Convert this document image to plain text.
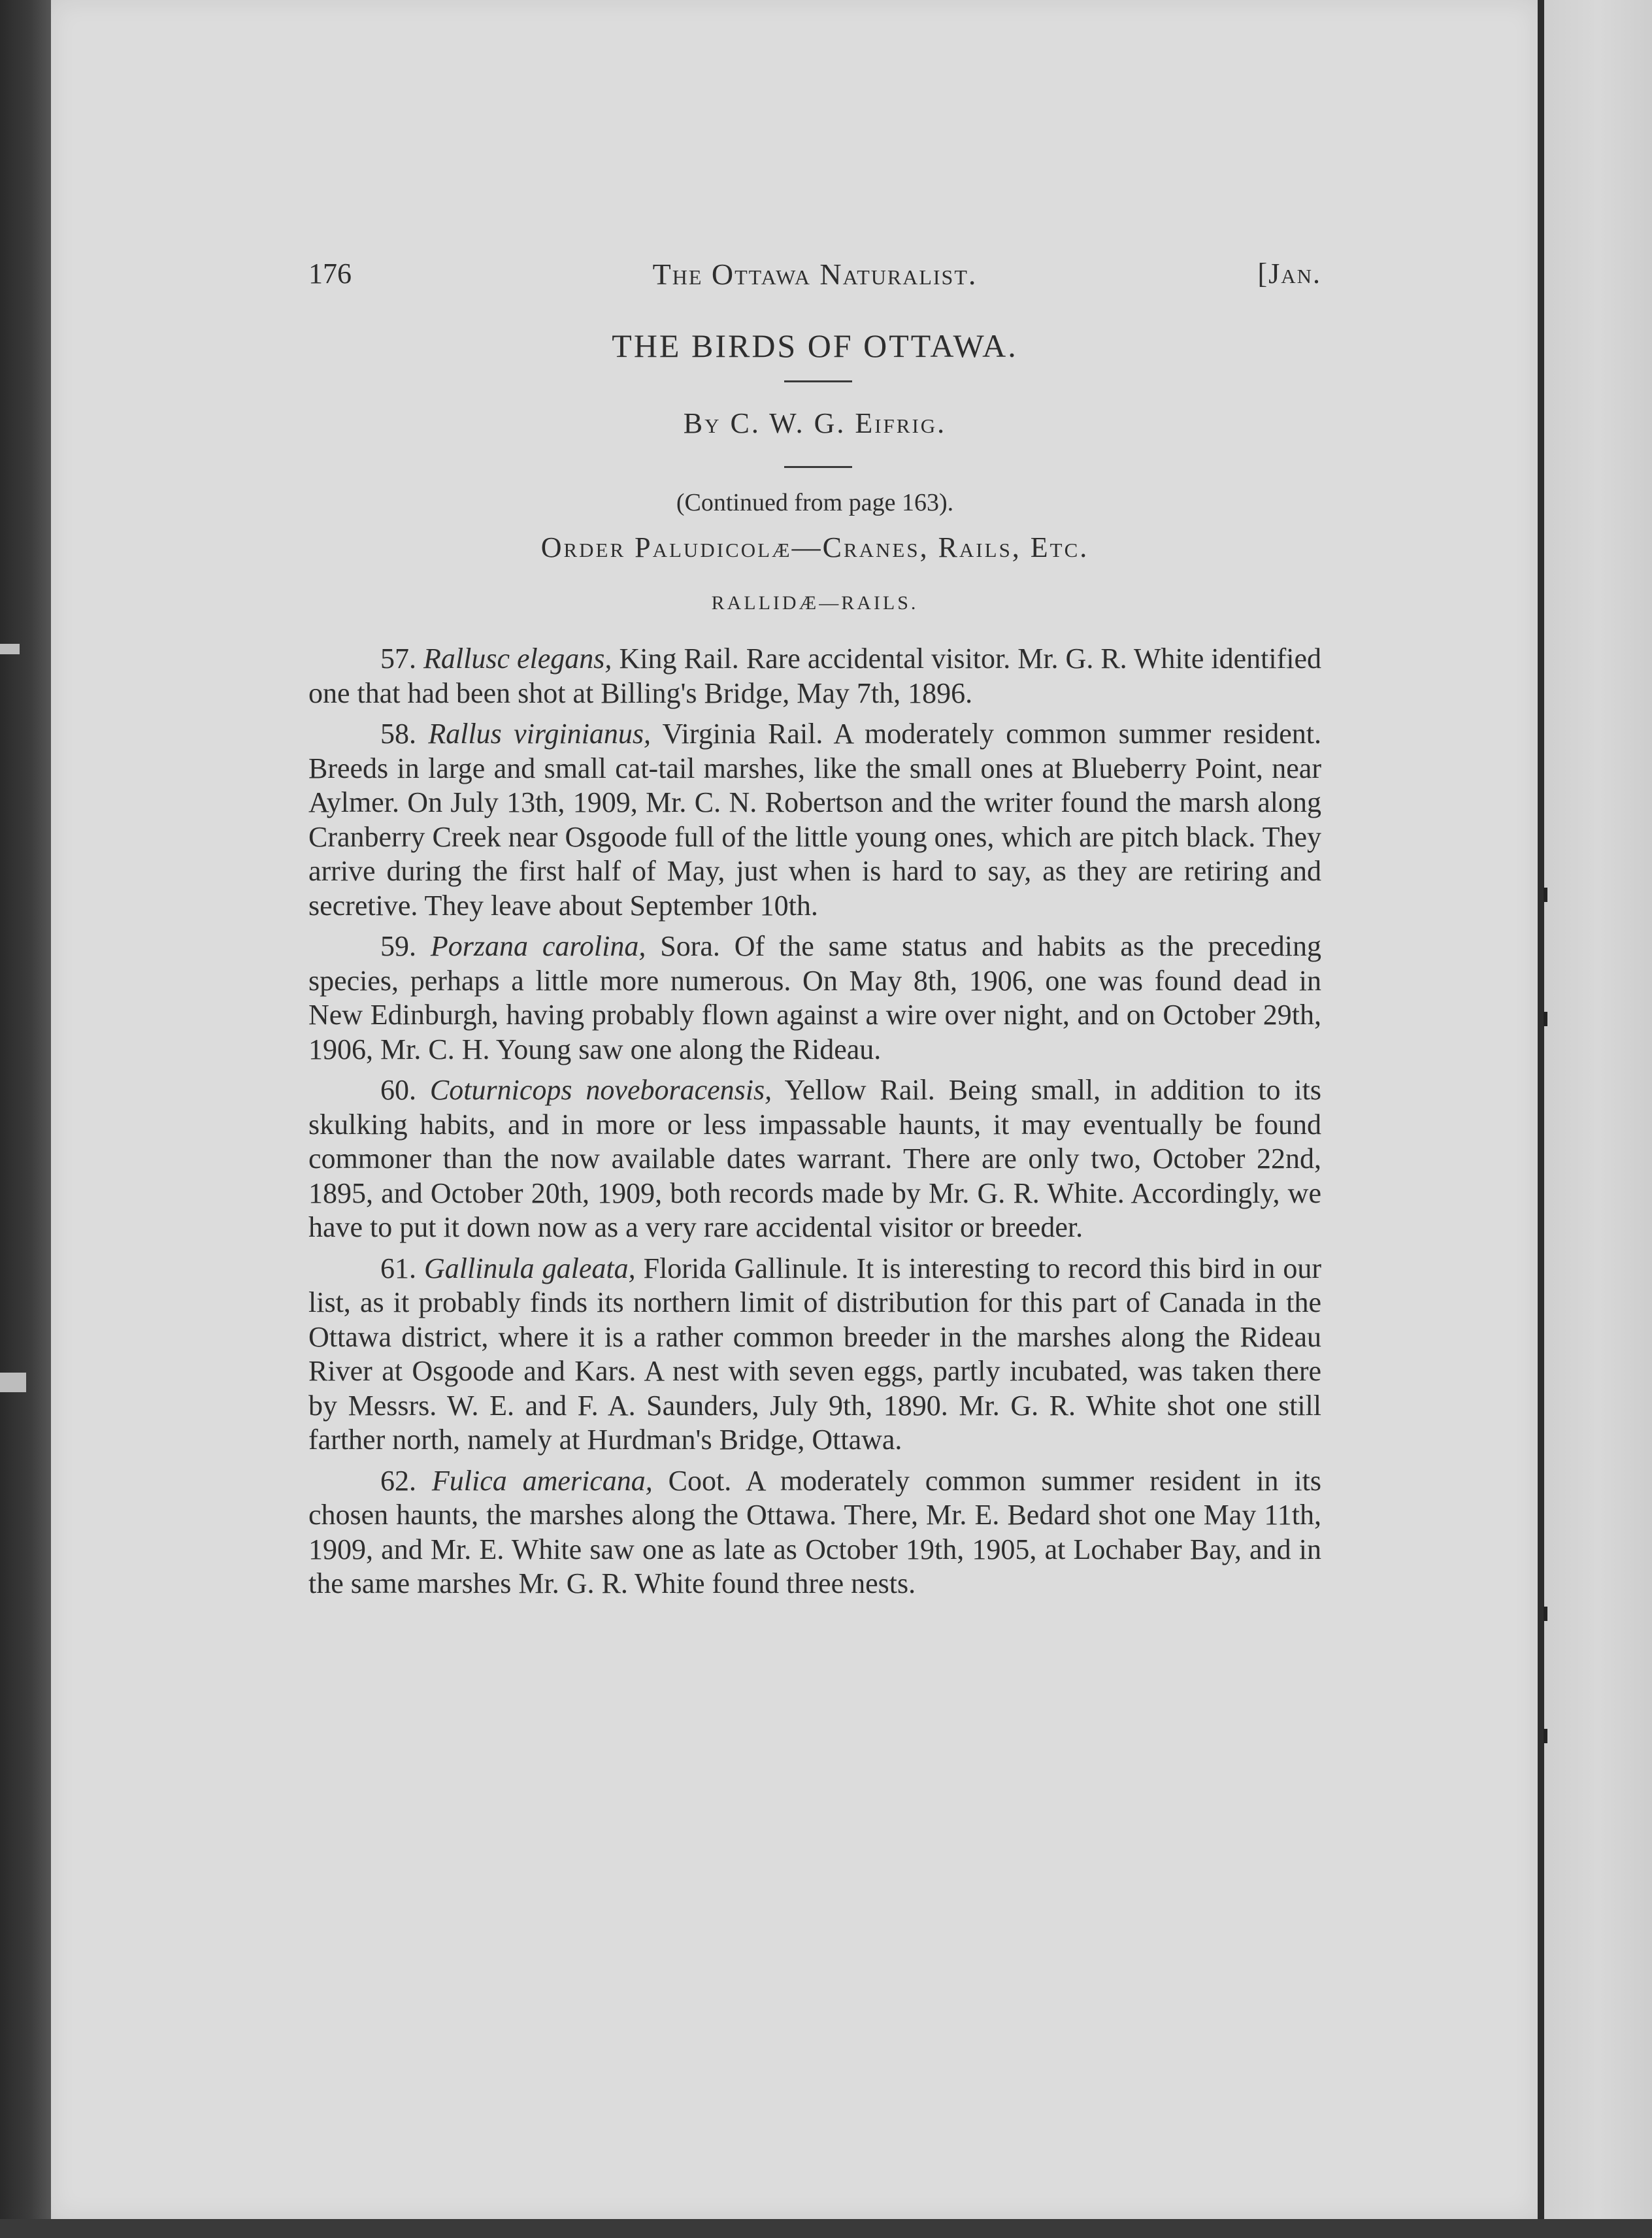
176	The Ottawa Naturalist.	[Jan.
THE BIRDS OF OTTAWA.
By C. W. G. Eifrig.
(Continued from page 163).
Order Paludicolæ—Cranes, Rails, Etc.
RALLIDÆ—RAILS.

57. Rallusc elegans, King Rail. Rare accidental visitor. Mr. G. R. White identified one that had been shot at Billing's Bridge, May 7th, 1896.

58. Rallus virginianus, Virginia Rail. A moderately common summer resident. Breeds in large and small cat-tail marshes, like the small ones at Blueberry Point, near Aylmer. On July 13th, 1909, Mr. C. N. Robertson and the writer found the marsh along Cranberry Creek near Osgoode full of the little young ones, which are pitch black. They arrive during the first half of May, just when is hard to say, as they are retiring and secretive. They leave about September 10th.

59. Porzana carolina, Sora. Of the same status and habits as the preceding species, perhaps a little more numerous. On May 8th, 1906, one was found dead in New Edinburgh, having probably flown against a wire over night, and on October 29th, 1906, Mr. C. H. Young saw one along the Rideau.

60. Coturnicops noveboracensis, Yellow Rail. Being small, in addition to its skulking habits, and in more or less impassable haunts, it may eventually be found commoner than the now available dates warrant. There are only two, October 22nd, 1895, and October 20th, 1909, both records made by Mr. G. R. White. Accordingly, we have to put it down now as a very rare accidental visitor or breeder.

61. Gallinula galeata, Florida Gallinule. It is interesting to record this bird in our list, as it probably finds its northern limit of distribution for this part of Canada in the Ottawa district, where it is a rather common breeder in the marshes along the Rideau River at Osgoode and Kars. A nest with seven eggs, partly incubated, was taken there by Messrs. W. E. and F. A. Saunders, July 9th, 1890. Mr. G. R. White shot one still farther north, namely at Hurdman's Bridge, Ottawa.

62. Fulica americana, Coot. A moderately common summer resident in its chosen haunts, the marshes along the Ottawa. There, Mr. E. Bedard shot one May 11th, 1909, and Mr. E. White saw one as late as October 19th, 1905, at Lochaber Bay, and in the same marshes Mr. G. R. White found three nests.
